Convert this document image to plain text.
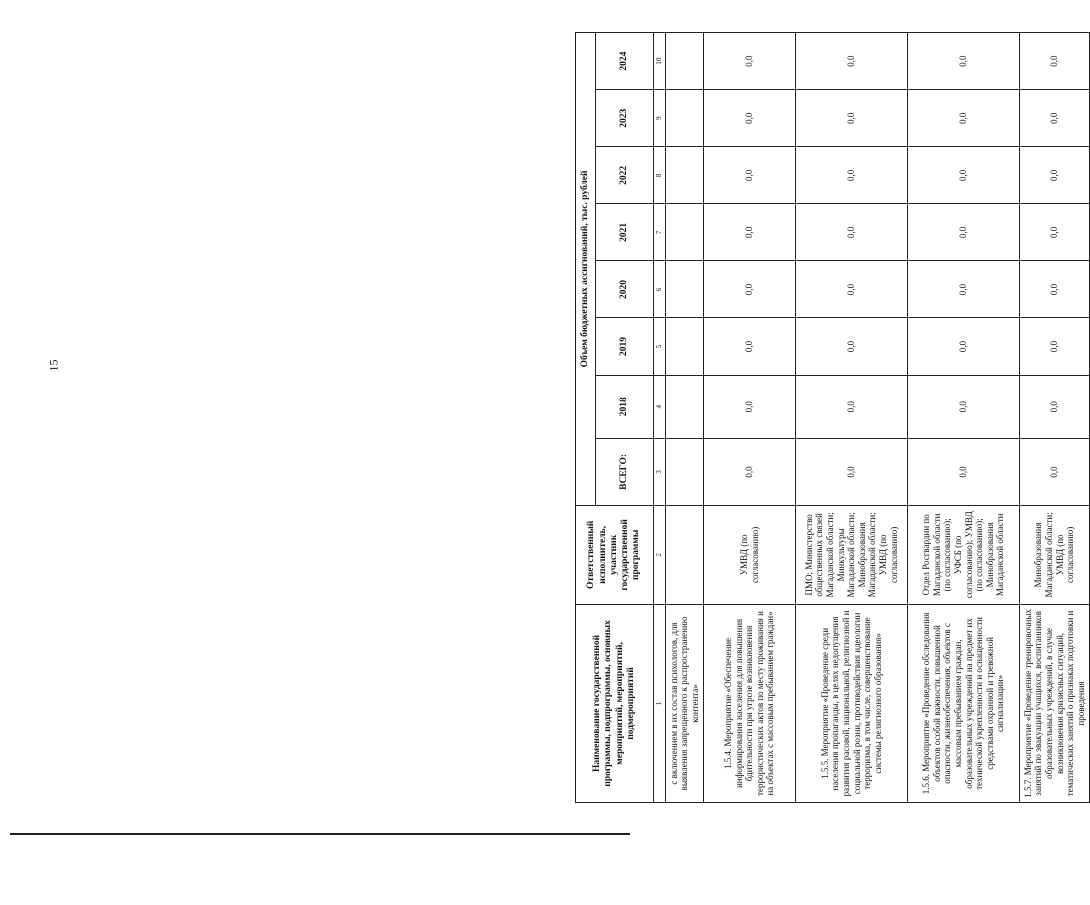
15
Наименование государственной программы, подпрограммы, основных мероприятий, мероприятий, подмероприятий	Ответственный исполнитель, участник государственной программы	Объем бюджетных ассигнований, тыс. рублей							
		ВСЕГО:	2018	2019	2020	2021	2022	2023	2024
1	2	3	4	5	6	7	8	9	10
с включением в их состав психологов, для выявления запрещенного к распространению контента»									
1.5.4. Мероприятие «Обеспечение информирования населения для повышения бдительности при угрозе возникновения террористических актов по месту проживания и на объектах с массовым пребыванием граждан»	УМВД (по согласованию)	0,0	0,0	0,0	0,0	0,0	0,0	0,0	0,0
1.5.5. Мероприятие «Проведение среди населения пропаганды, в целях недопущения развития расовой, национальной, религиозной и социальной розни, противодействия идеологии терроризма, в том числе, совершенствование системы религиозного образования»	ПМО; Министерство общественных связей Магаданской области; Минкультуры Магаданской области; Минобразования Магаданской области; УМВД (по согласованию)	0,0	0,0	0,0	0,0	0,0	0,0	0,0	0,0
1.5.6. Мероприятие «Проведение обследования объектов особой важности, повышенной опасности, жизнеобеспечения, объектов с массовым пребыванием граждан, образовательных учреждений на предмет их технической укрепленности и оснащенности средствами охранной и тревожной сигнализации»	Отдел Росгвардии по Магаданской области (по согласованию); УФСБ (по согласованию); УМВД (по согласованию); Минобразования Магаданской области	0,0	0,0	0,0	0,0	0,0	0,0	0,0	0,0
1.5.7. Мероприятие «Проведение тренировочных занятий по эвакуации учащихся, воспитанников образовательных учреждений, в случае возникновения кризисных ситуаций, тематических занятий о признаках подготовки и проведения	Минобразования Магаданской области; УМВД (по согласованию)	0,0	0,0	0,0	0,0	0,0	0,0	0,0	0,0
